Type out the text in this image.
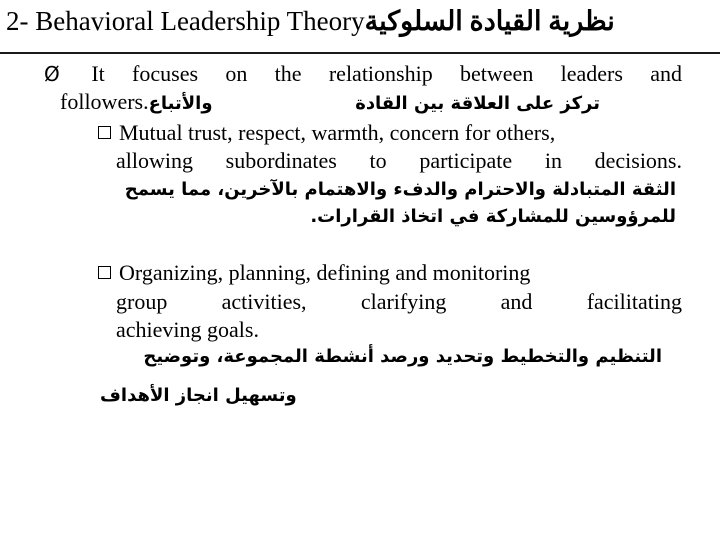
2- Behavioral Leadership Theoryنظرية القيادة السلوكية
Ø It focuses on the relationship between leaders and
followers.والأتباع	تركز على العلاقة بين القادة
Mutual trust, respect, warmth, concern for others,
allowing subordinates to participate in decisions.
الثقة المتبادلة والاحترام والدفء والاهتمام بالآخرين، مما يسمح
للمرؤوسين للمشاركة في اتخاذ القرارات.
Organizing, planning, defining and monitoring
group activities, clarifying and facilitating
achieving goals.
التنظيم والتخطيط وتحديد ورصد أنشطة المجموعة، وتوضيح
وتسهيل انجاز الأهداف
